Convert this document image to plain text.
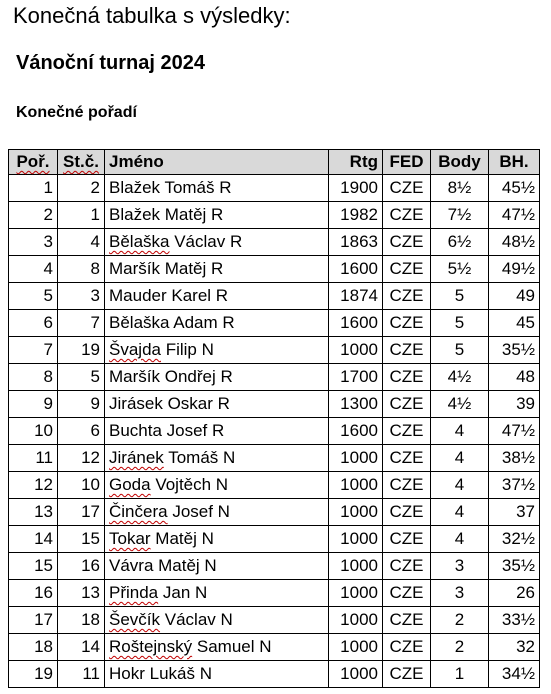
Konečná tabulka s výsledky:
Vánoční turnaj 2024
Konečné pořadí
Poř.	St.č.	Jméno	Rtg	FED	Body	BH.
1	2	Blažek Tomáš R	1900	CZE	8½	45½
2	1	Blažek Matěj R	1982	CZE	7½	47½
3	4	Bělaška Václav R	1863	CZE	6½	48½
4	8	Maršík Matěj R	1600	CZE	5½	49½
5	3	Mauder Karel R	1874	CZE	5	49
6	7	Bělaška Adam R	1600	CZE	5	45
7	19	Švajda Filip N	1000	CZE	5	35½
8	5	Maršík Ondřej R	1700	CZE	4½	48
9	9	Jirásek Oskar R	1300	CZE	4½	39
10	6	Buchta Josef R	1600	CZE	4	47½
11	12	Jiránek Tomáš N	1000	CZE	4	38½
12	10	Goda Vojtěch N	1000	CZE	4	37½
13	17	Činčera Josef N	1000	CZE	4	37
14	15	Tokar Matěj N	1000	CZE	4	32½
15	16	Vávra Matěj N	1000	CZE	3	35½
16	13	Přinda Jan N	1000	CZE	3	26
17	18	Ševčík Václav N	1000	CZE	2	33½
18	14	Roštejnský Samuel N	1000	CZE	2	32
19	11	Hokr Lukáš N	1000	CZE	1	34½
